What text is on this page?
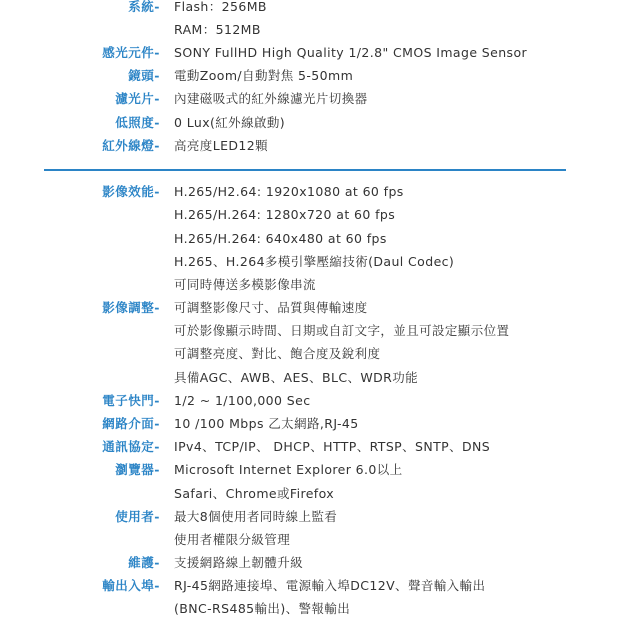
系統- Flash：256MB
RAM：512MB
感光元件- SONY FullHD High Quality 1/2.8" CMOS Image Sensor
鏡頭- 電動Zoom/自動對焦 5-50mm
濾光片- 內建磁吸式的紅外線濾光片切換器
低照度- 0 Lux(紅外線啟動)
紅外線燈- 高亮度LED12顆
影像效能- H.265/H2.64: 1920x1080 at 60 fps
H.265/H.264: 1280x720 at 60 fps
H.265/H.264: 640x480 at 60 fps
H.265、H.264多模引擎壓縮技術(Daul Codec)
可同時傳送多模影像串流
影像調整- 可調整影像尺寸、品質與傳輸速度
可於影像顯示時間、日期或自訂文字，並且可設定顯示位置
可調整亮度、對比、飽合度及銳利度
具備AGC、AWB、AES、BLC、WDR功能
電子快門- 1/2 ~ 1/100,000 Sec
網路介面- 10 /100 Mbps 乙太網路,RJ-45
通訊協定- IPv4、TCP/IP、 DHCP、HTTP、RTSP、SNTP、DNS
瀏覽器- Microsoft Internet Explorer 6.0以上
Safari、Chrome或Firefox
使用者- 最大8個使用者同時線上監看
使用者權限分級管理
維護- 支援網路線上韌體升級
輸出入埠- RJ-45網路連接埠、電源輸入埠DC12V、聲音輸入輸出
(BNC-RS485輸出)、警報輸出
